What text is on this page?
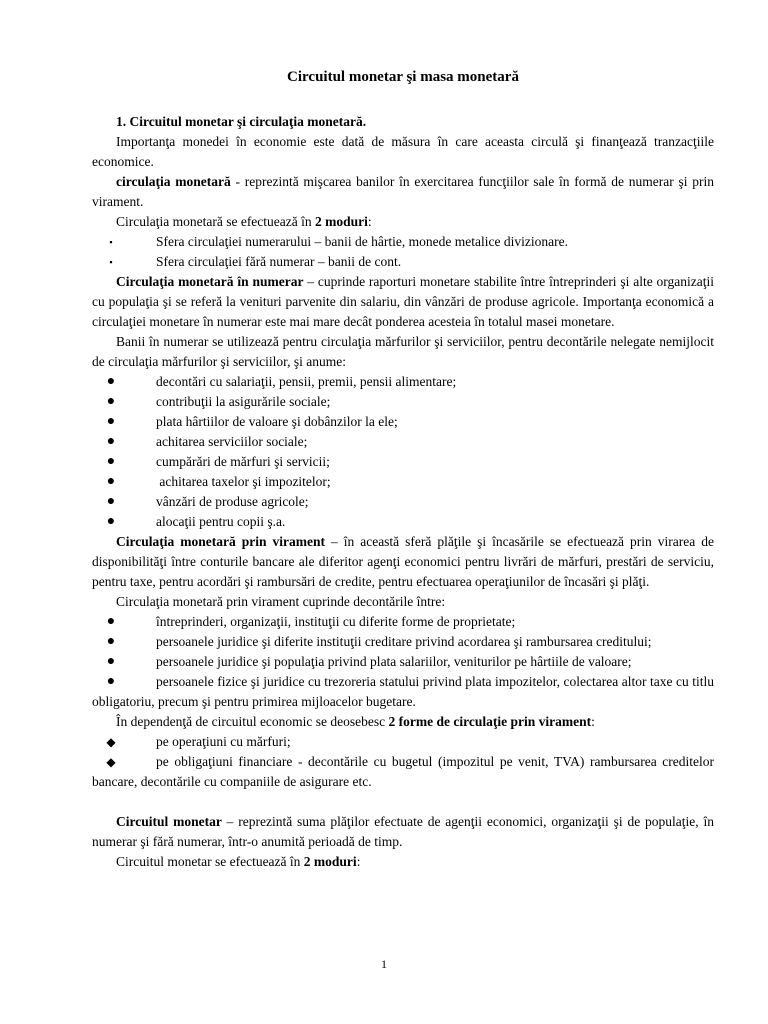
Circuitul monetar şi masa monetară

1. Circuitul monetar şi circulaţia monetară.

Importanţa monedei în economie este dată de măsura în care aceasta circulă şi finanţează tranzacţiile economice.

circulaţia monetară - reprezintă mişcarea banilor în exercitarea funcţiilor sale în formă de numerar şi prin virament.

Circulaţia monetară se efectuează în 2 moduri:

▪	Sfera circulaţiei numerarului – banii de hârtie, monede metalice divizionare.

▪	Sfera circulaţiei fără numerar – banii de cont.

Circulaţia monetară în numerar – cuprinde raporturi monetare stabilite între întreprinderi şi alte organizaţii cu populaţia şi se referă la venituri parvenite din salariu, din vânzări de produse agricole. Importanţa economică a circulaţiei monetare în numerar este mai mare decât ponderea acesteia în totalul masei monetare.

Banii în numerar se utilizează pentru circulaţia mărfurilor şi serviciilor, pentru decontările nelegate nemijlocit de circulaţia mărfurilor şi serviciilor, şi anume:

●	decontări cu salariaţii, pensii, premii, pensii alimentare;

●	contribuţii la asigurările sociale;

●	plata hârtiilor de valoare şi dobânzilor la ele;

●	achitarea serviciilor sociale;

●	cumpărări de mărfuri şi servicii;

●	achitarea taxelor şi impozitelor;

●	vânzări de produse agricole;

●	alocaţii pentru copii ş.a.

Circulaţia monetară prin virament – în această sferă plăţile şi încasările se efectuează prin virarea de disponibilităţi între conturile bancare ale diferitor agenţi economici pentru livrări de mărfuri, prestări de serviciu, pentru taxe, pentru acordări şi rambursări de credite, pentru efectuarea operaţiunilor de încasări şi plăţi.

Circulaţia monetară prin virament cuprinde decontările între:

●	întreprinderi, organizaţii, instituţii cu diferite forme de proprietate;

●	persoanele juridice şi diferite instituţii creditare privind acordarea şi rambursarea creditului;

●	persoanele juridice şi populaţia privind plata salariilor, veniturilor pe hârtiile de valoare;

●	persoanele fizice şi juridice cu trezoreria statului privind plata impozitelor, colectarea altor taxe cu titlu obligatoriu, precum şi pentru primirea mijloacelor bugetare.

În dependenţă de circuitul economic se deosebesc 2 forme de circulaţie prin virament:

◆	pe operaţiuni cu mărfuri;

◆	pe obligaţiuni financiare - decontările cu bugetul (impozitul pe venit, TVA) rambursarea creditelor bancare, decontările cu companiile de asigurare etc.

Circuitul monetar – reprezintă suma plăţilor efectuate de agenţii economici, organizaţii şi de populaţie, în numerar şi fără numerar, într-o anumită perioadă de timp.

Circuitul monetar se efectuează în 2 moduri:

1
